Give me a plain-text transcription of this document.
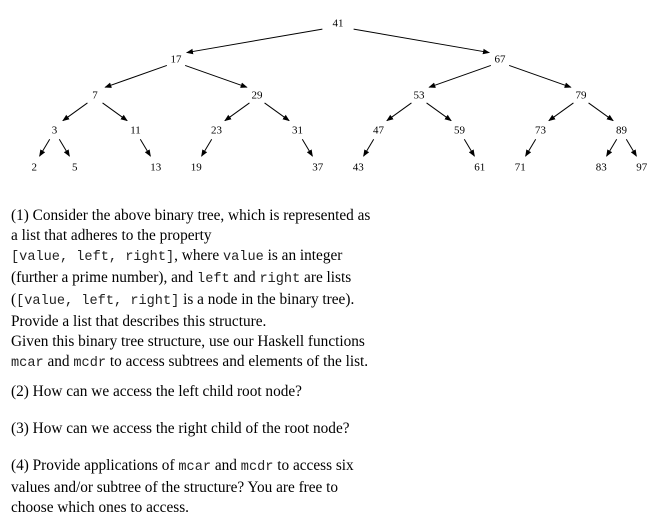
41
17
7
3
2	5
11
13
29
23
19
31
37
67
53
47
43
59
61
79
73
71
89
83	97
(1) Consider the above binary tree, which is represented as
a list that adheres to the property
[value, left, right], where value is an integer
(further a prime number), and left and right are lists
([value, left, right] is a node in the binary tree).
Provide a list that describes this structure.
Given this binary tree structure, use our Haskell functions
mcar and mcdr to access subtrees and elements of the list.
(2) How can we access the left child root node?
(3) How can we access the right child of the root node?
(4) Provide applications of mcar and mcdr to access six
values and/or subtree of the structure? You are free to
choose which ones to access.
